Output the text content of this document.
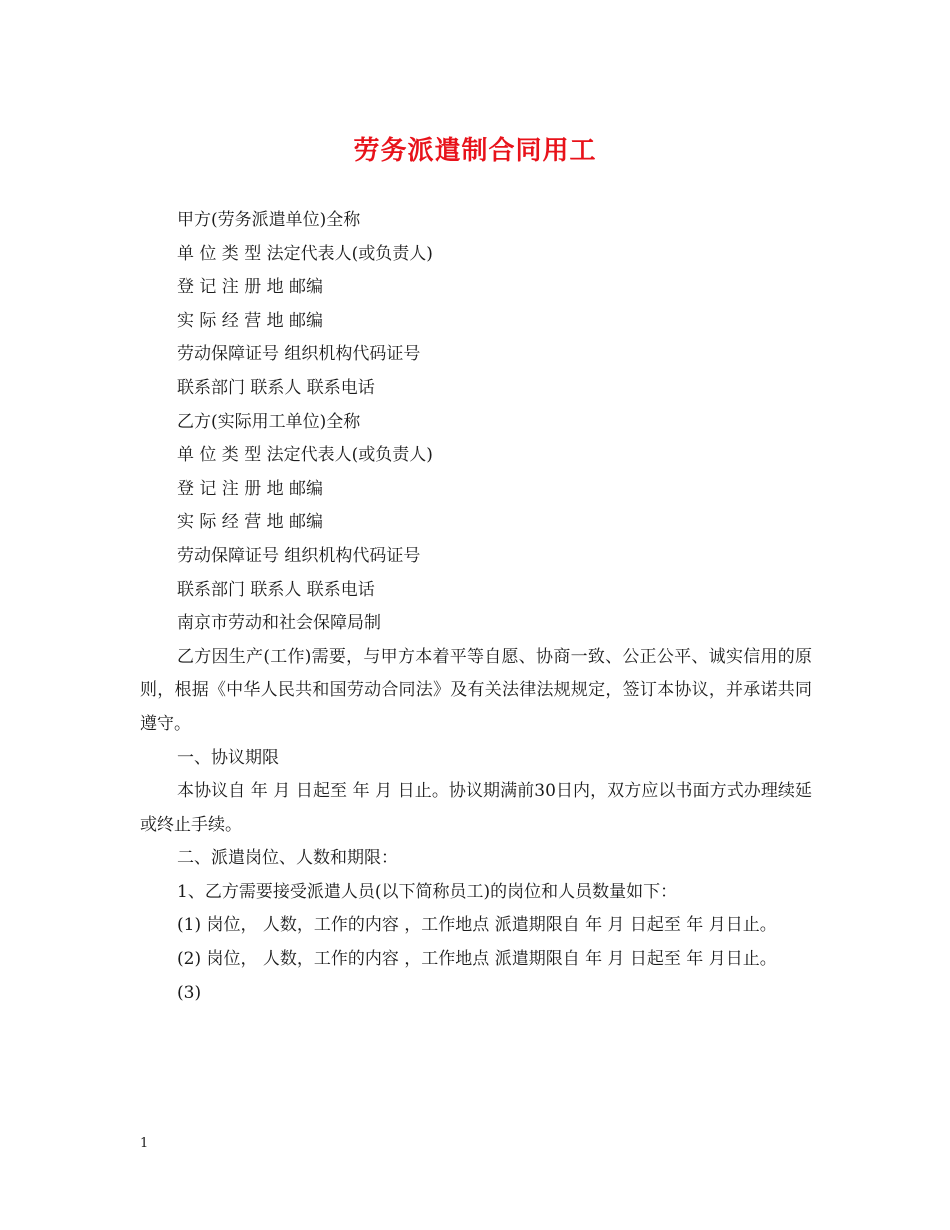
劳务派遣制合同用工

甲方(劳务派遣单位)全称

单 位 类 型 法定代表人(或负责人)

登 记 注 册 地 邮编

实 际 经 营 地 邮编

劳动保障证号 组织机构代码证号

联系部门 联系人 联系电话

乙方(实际用工单位)全称

单 位 类 型 法定代表人(或负责人)

登 记 注 册 地 邮编

实 际 经 营 地 邮编

劳动保障证号 组织机构代码证号

联系部门 联系人 联系电话

南京市劳动和社会保障局制

乙方因生产(工作)需要，与甲方本着平等自愿、协商一致、公正公平、诚实信用的原则，根据《中华人民共和国劳动合同法》及有关法律法规规定，签订本协议，并承诺共同遵守。

一、协议期限

本协议自 年 月 日起至 年 月 日止。协议期满前30日内，双方应以书面方式办理续延或终止手续。

二、派遣岗位、人数和期限：

1、乙方需要接受派遣人员(以下简称员工)的岗位和人员数量如下：

(1) 岗位， 人数，工作的内容 ，工作地点 派遣期限自 年 月 日起至 年 月日止。

(2) 岗位， 人数，工作的内容 ，工作地点 派遣期限自 年 月 日起至 年 月日止。

(3)

1
